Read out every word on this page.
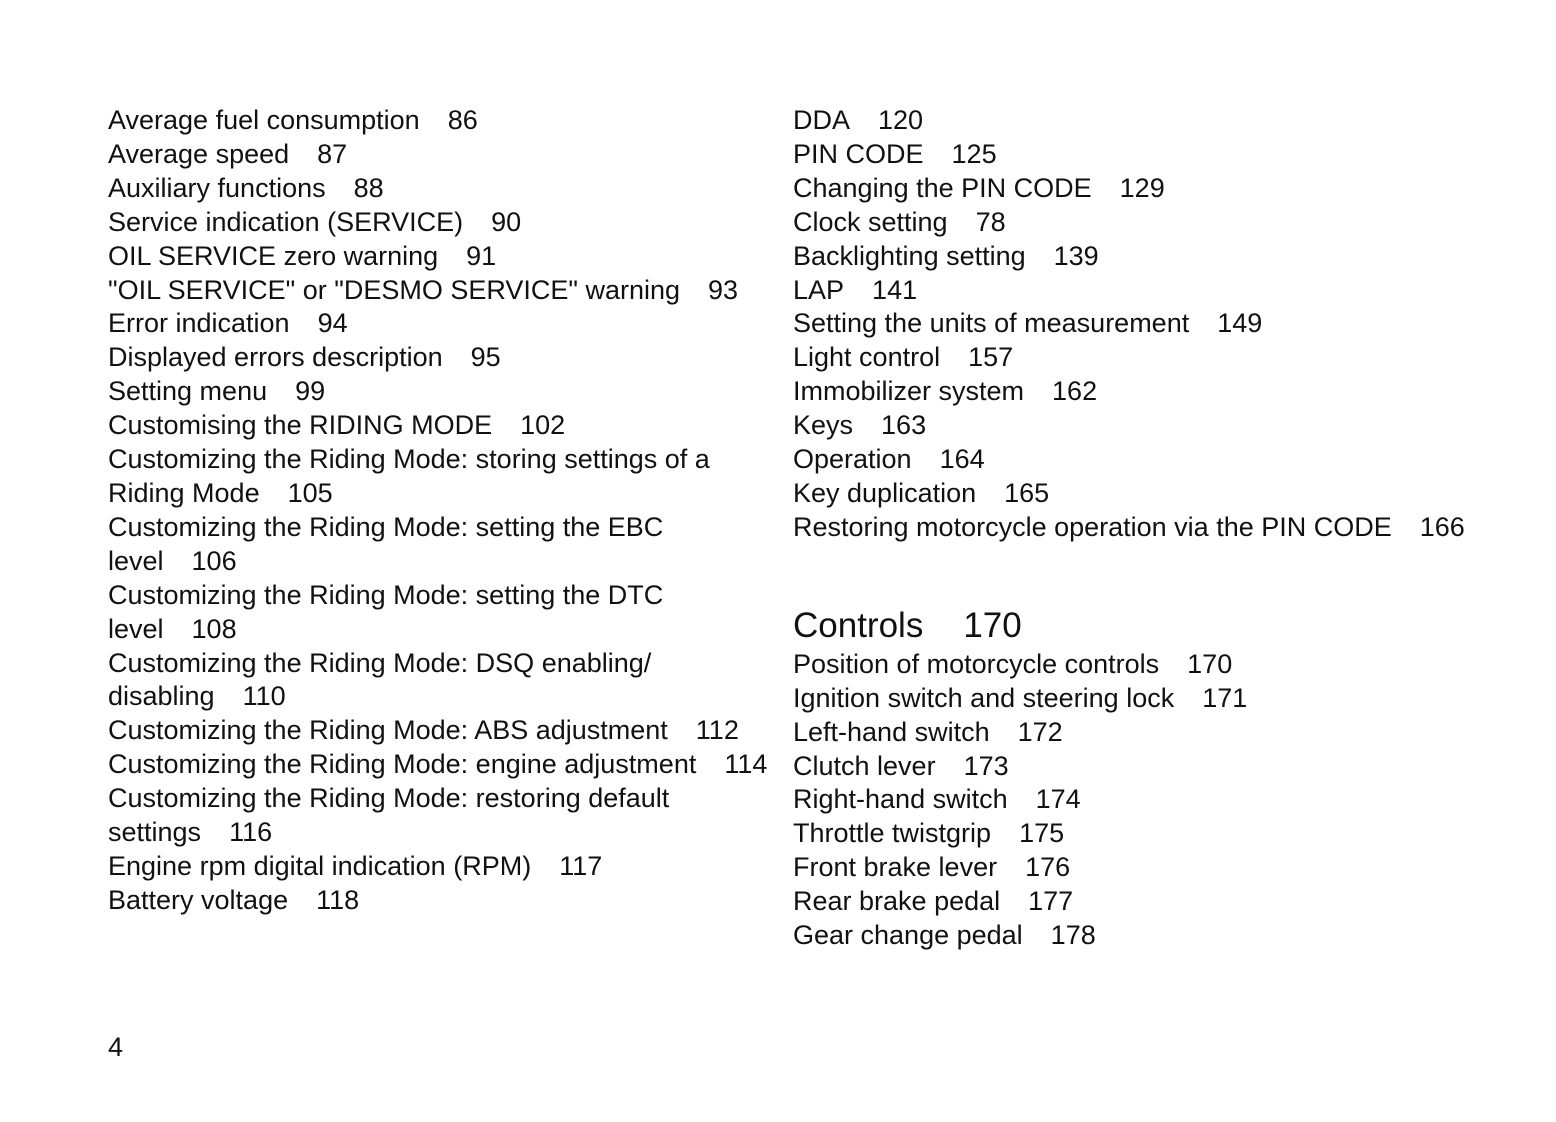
Average fuel consumption 86
Average speed 87
Auxiliary functions 88
Service indication (SERVICE) 90
OIL SERVICE zero warning 91
"OIL SERVICE" or "DESMO SERVICE" warning 93
Error indication 94
Displayed errors description 95
Setting menu 99
Customising the RIDING MODE 102
Customizing the Riding Mode: storing settings of a Riding Mode 105
Customizing the Riding Mode: setting the EBC level 106
Customizing the Riding Mode: setting the DTC level 108
Customizing the Riding Mode: DSQ enabling/ disabling 110
Customizing the Riding Mode: ABS adjustment 112
Customizing the Riding Mode: engine adjustment 114
Customizing the Riding Mode: restoring default settings 116
Engine rpm digital indication (RPM) 117
Battery voltage 118
DDA 120
PIN CODE 125
Changing the PIN CODE 129
Clock setting 78
Backlighting setting 139
LAP 141
Setting the units of measurement 149
Light control 157
Immobilizer system 162
Keys 163
Operation 164
Key duplication 165
Restoring motorcycle operation via the PIN CODE 166
Controls 170
Position of motorcycle controls 170
Ignition switch and steering lock 171
Left-hand switch 172
Clutch lever 173
Right-hand switch 174
Throttle twistgrip 175
Front brake lever 176
Rear brake pedal 177
Gear change pedal 178
4
